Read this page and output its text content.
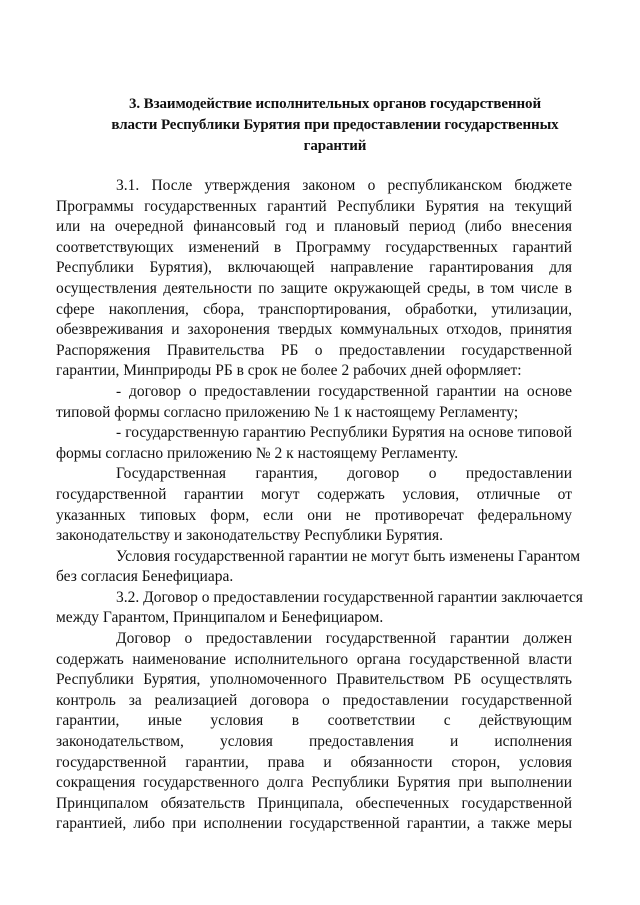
3. Взаимодействие исполнительных органов государственной
власти Республики Бурятия при предоставлении государственных
гарантий
3.1. После утверждения законом о республиканском бюджете
Программы государственных гарантий Республики Бурятия на текущий
или на очередной финансовый год и плановый период (либо внесения
соответствующих изменений в Программу государственных гарантий
Республики Бурятия), включающей направление гарантирования для
осуществления деятельности по защите окружающей среды, в том числе в
сфере накопления, сбора, транспортирования, обработки, утилизации,
обезвреживания и захоронения твердых коммунальных отходов, принятия
Распоряжения Правительства РБ о предоставлении государственной
гарантии, Минприроды РБ в срок не более 2 рабочих дней оформляет:
- договор о предоставлении государственной гарантии на основе
типовой формы согласно приложению № 1 к настоящему Регламенту;
- государственную гарантию Республики Бурятия на основе типовой
формы согласно приложению № 2 к настоящему Регламенту.
Государственная гарантия, договор о предоставлении
государственной гарантии могут содержать условия, отличные от
указанных типовых форм, если они не противоречат федеральному
законодательству и законодательству Республики Бурятия.
Условия государственной гарантии не могут быть изменены Гарантом
без согласия Бенефициара.
3.2. Договор о предоставлении государственной гарантии заключается
между Гарантом, Принципалом и Бенефициаром.
Договор о предоставлении государственной гарантии должен
содержать наименование исполнительного органа государственной власти
Республики Бурятия, уполномоченного Правительством РБ осуществлять
контроль за реализацией договора о предоставлении государственной
гарантии, иные условия в соответствии с действующим
законодательством, условия предоставления и исполнения
государственной гарантии, права и обязанности сторон, условия
сокращения государственного долга Республики Бурятия при выполнении
Принципалом обязательств Принципала, обеспеченных государственной
гарантией, либо при исполнении государственной гарантии, а также меры
